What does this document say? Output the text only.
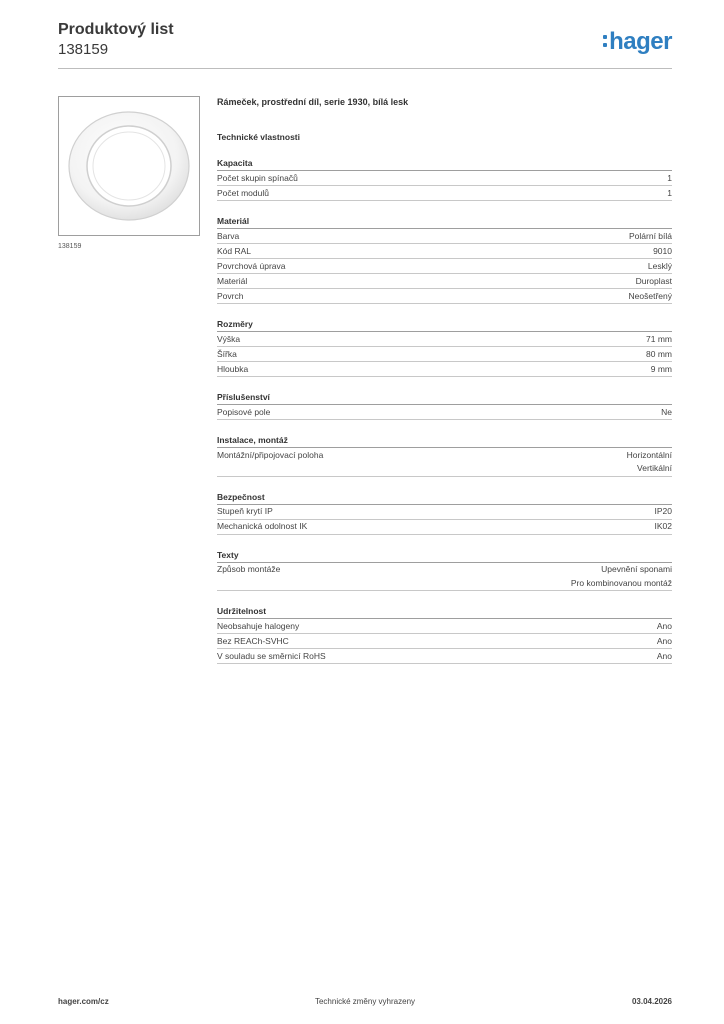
Produktový list
138159	hager
138159
Rámeček, prostřední díl, serie 1930, bílá lesk
Technické vlastnosti
Kapacita
Počet skupin spínačů	1
Počet modulů	1
Materiál
Barva	Polární bílá
Kód RAL	9010
Povrchová úprava	Lesklý
Materiál	Duroplast
Povrch	Neošetřený
Rozměry
Výška	71 mm
Šířka	80 mm
Hloubka	9 mm
Příslušenství
Popisové pole	Ne
Instalace, montáž
Montážní/připojovací poloha	Horizontální
Vertikální
Bezpečnost
Stupeň krytí IP	IP20
Mechanická odolnost IK	IK02
Texty
Způsob montáže	Upevnění sponami
Pro kombinovanou montáž
Udržitelnost
Neobsahuje halogeny	Ano
Bez REACh-SVHC	Ano
V souladu se směrnicí RoHS	Ano
hager.com/cz	Technické změny vyhrazeny	03.04.2026
